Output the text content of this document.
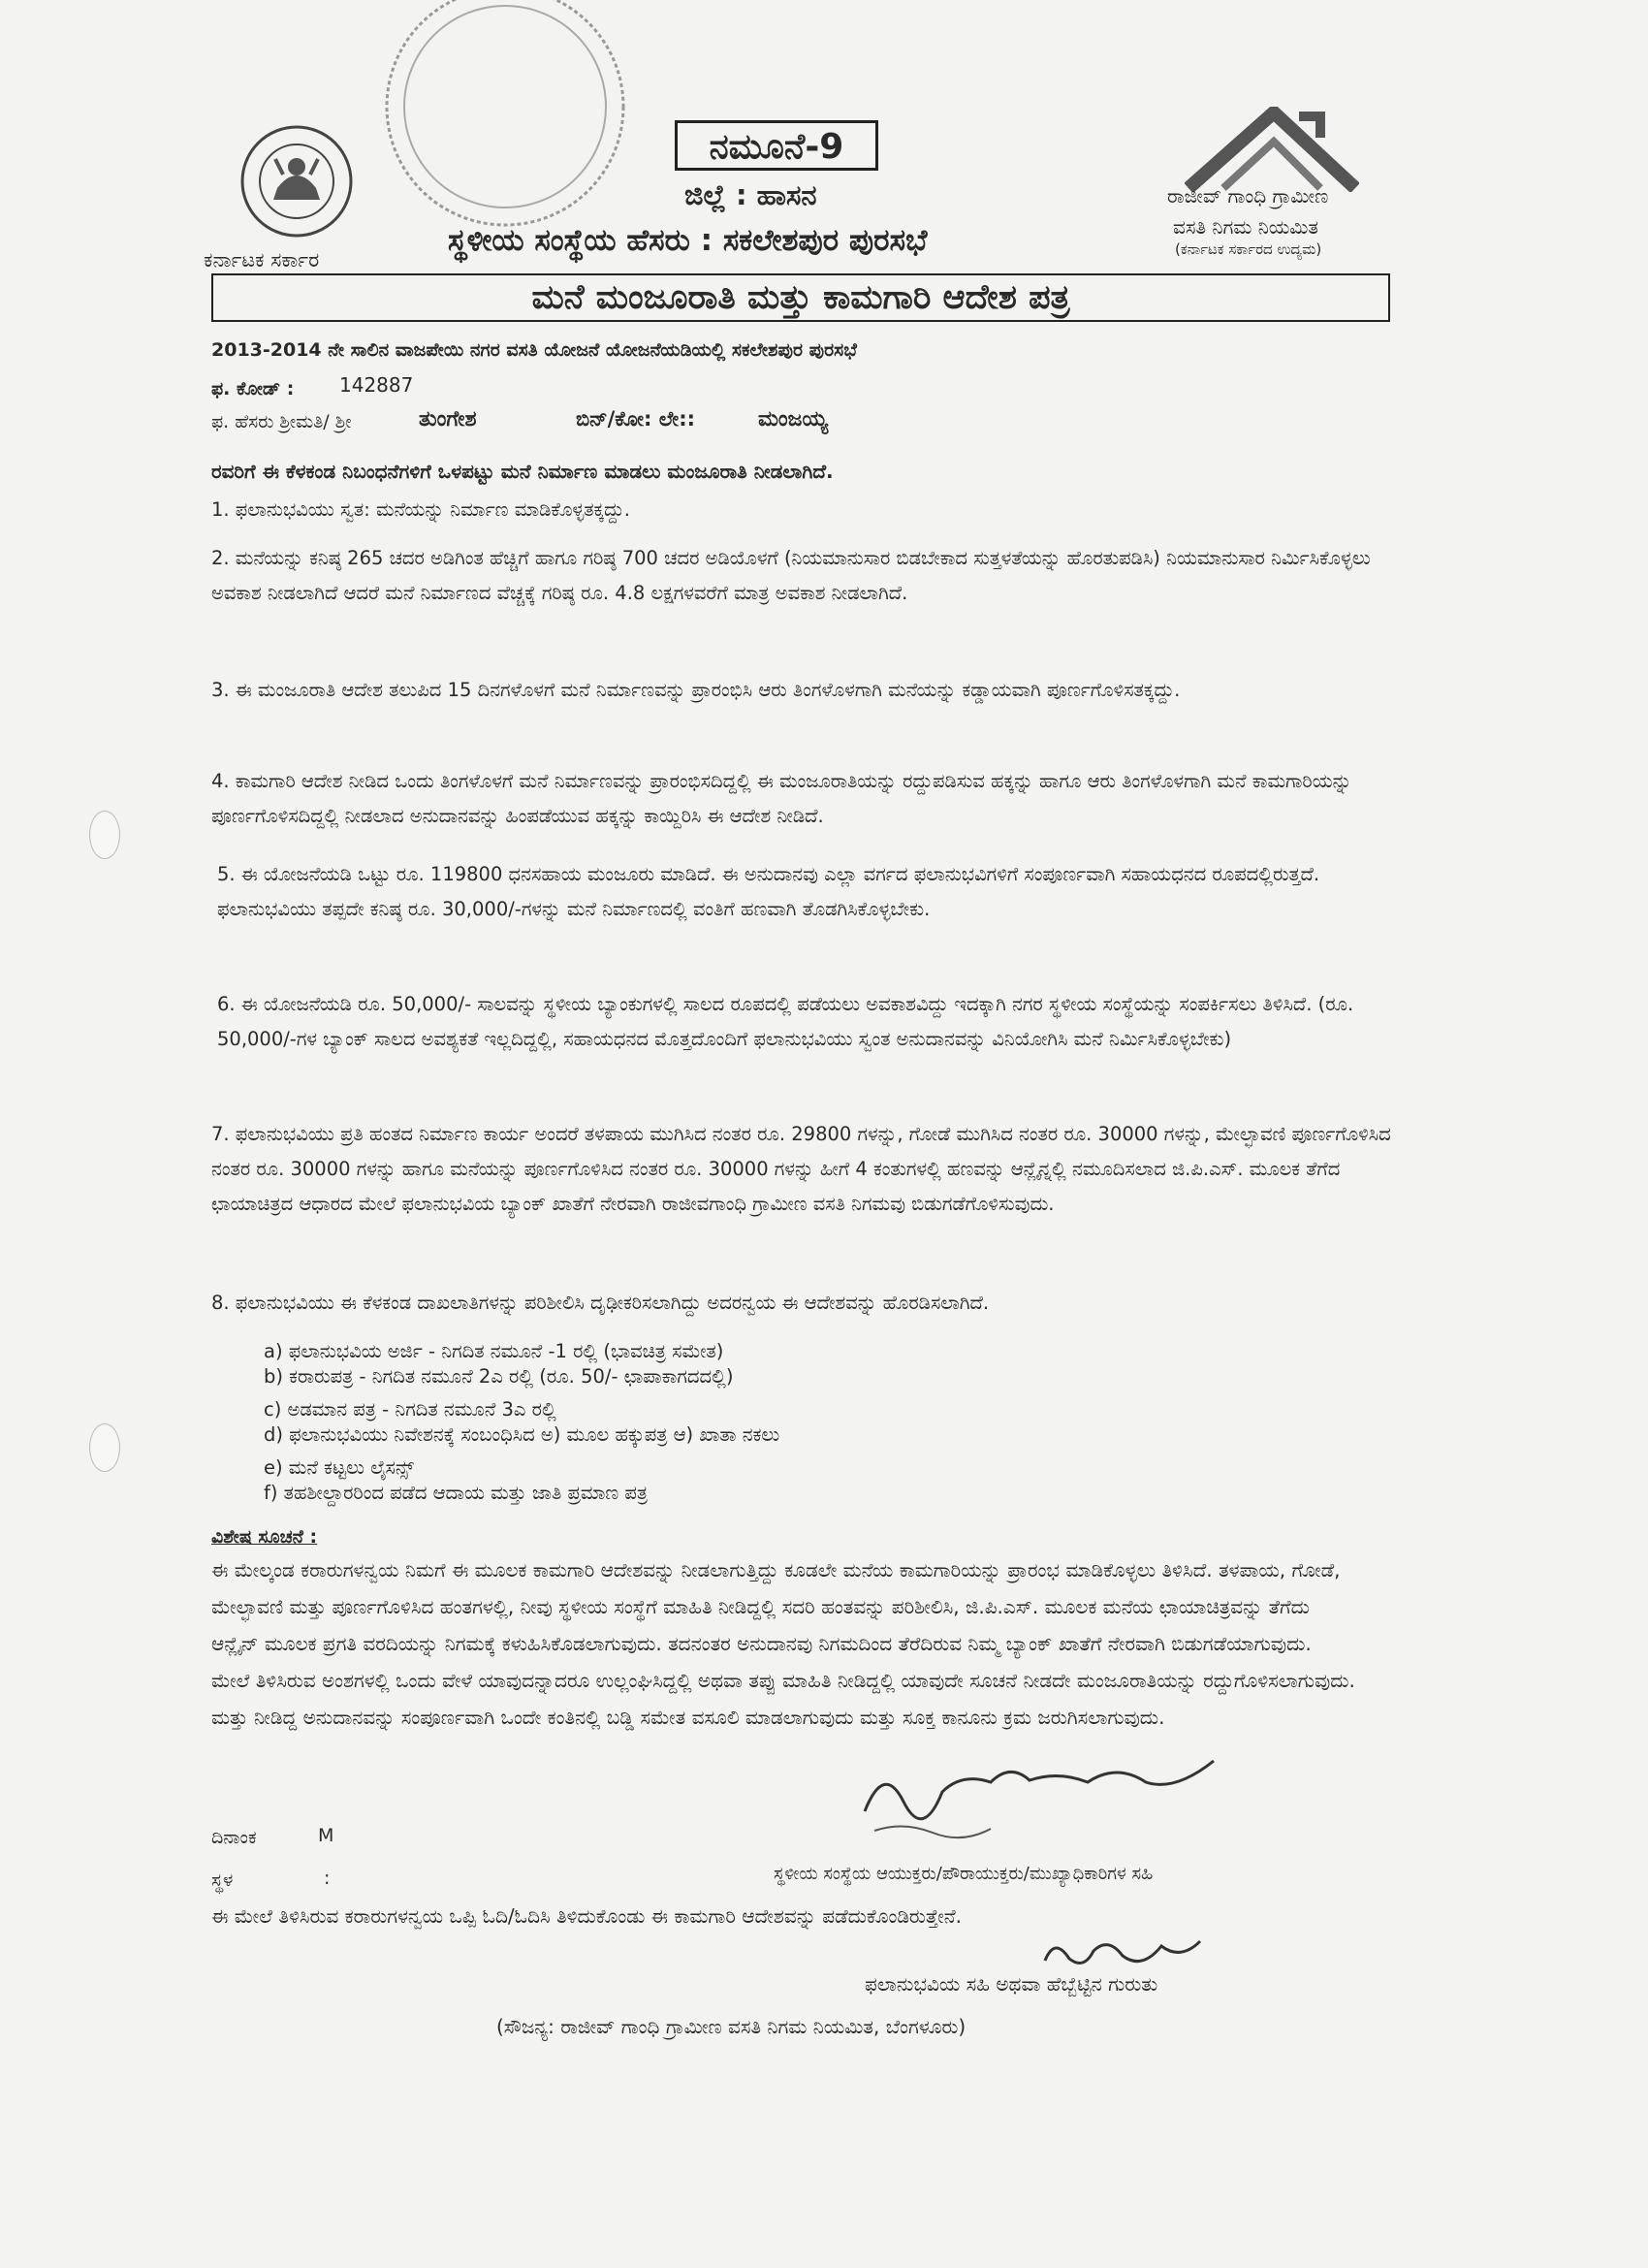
ಕರ್ನಾಟಕ ಸರ್ಕಾರ
ನಮೂನೆ-9
ಜಿಲ್ಲೆ : ಹಾಸನ
ಸ್ಥಳೀಯ ಸಂಸ್ಥೆಯ ಹೆಸರು : ಸಕಲೇಶಪುರ ಪುರಸಭೆ
ರಾಜೀವ್ ಗಾಂಧಿ ಗ್ರಾಮೀಣ
ವಸತಿ ನಿಗಮ ನಿಯಮಿತ
(ಕರ್ನಾಟಕ ಸರ್ಕಾರದ ಉದ್ಯಮ)
ಮನೆ ಮಂಜೂರಾತಿ ಮತ್ತು ಕಾಮಗಾರಿ ಆದೇಶ ಪತ್ರ
2013-2014 ನೇ ಸಾಲಿನ ವಾಜಪೇಯಿ ನಗರ ವಸತಿ ಯೋಜನೆ ಯೋಜನೆಯಡಿಯಲ್ಲಿ ಸಕಲೇಶಪುರ ಪುರಸಭೆ
ಫ. ಕೋಡ್ : 142887
ಫ. ಹೆಸರು ಶ್ರೀಮತಿ/ ಶ್ರೀ	ತುಂಗೇಶ	ಬಿನ್/ಕೋ: ಲೇ::	ಮಂಜಯ್ಯ
ರವರಿಗೆ ಈ ಕೆಳಕಂಡ ನಿಬಂಧನೆಗಳಿಗೆ ಒಳಪಟ್ಟು ಮನೆ ನಿರ್ಮಾಣ ಮಾಡಲು ಮಂಜೂರಾತಿ ನೀಡಲಾಗಿದೆ.
1. ಫಲಾನುಭವಿಯು ಸ್ವತ: ಮನೆಯನ್ನು ನಿರ್ಮಾಣ ಮಾಡಿಕೊಳ್ಳತಕ್ಕದ್ದು.
2. ಮನೆಯನ್ನು ಕನಿಷ್ಠ 265 ಚದರ ಅಡಿಗಿಂತ ಹೆಚ್ಚಿಗೆ ಹಾಗೂ ಗರಿಷ್ಠ 700 ಚದರ ಅಡಿಯೊಳಗೆ (ನಿಯಮಾನುಸಾರ ಬಿಡಬೇಕಾದ ಸುತ್ತಳತೆಯನ್ನು ಹೊರತುಪಡಿಸಿ) ನಿಯಮಾನುಸಾರ ನಿರ್ಮಿಸಿಕೊಳ್ಳಲು ಅವಕಾಶ ನೀಡಲಾಗಿದೆ ಆದರೆ ಮನೆ ನಿರ್ಮಾಣದ ವೆಚ್ಚಕ್ಕೆ ಗರಿಷ್ಠ ರೂ. 4.8 ಲಕ್ಷಗಳವರೆಗೆ ಮಾತ್ರ ಅವಕಾಶ ನೀಡಲಾಗಿದೆ.
3. ಈ ಮಂಜೂರಾತಿ ಆದೇಶ ತಲುಪಿದ 15 ದಿನಗಳೊಳಗೆ ಮನೆ ನಿರ್ಮಾಣವನ್ನು ಪ್ರಾರಂಭಿಸಿ ಆರು ತಿಂಗಳೊಳಗಾಗಿ ಮನೆಯನ್ನು ಕಡ್ಡಾಯವಾಗಿ ಪೂರ್ಣಗೊಳಿಸತಕ್ಕದ್ದು.
4. ಕಾಮಗಾರಿ ಆದೇಶ ನೀಡಿದ ಒಂದು ತಿಂಗಳೊಳಗೆ ಮನೆ ನಿರ್ಮಾಣವನ್ನು ಪ್ರಾರಂಭಿಸದಿದ್ದಲ್ಲಿ ಈ ಮಂಜೂರಾತಿಯನ್ನು ರದ್ದುಪಡಿಸುವ ಹಕ್ಕನ್ನು ಹಾಗೂ ಆರು ತಿಂಗಳೊಳಗಾಗಿ ಮನೆ ಕಾಮಗಾರಿಯನ್ನು ಪೂರ್ಣಗೊಳಿಸದಿದ್ದಲ್ಲಿ ನೀಡಲಾದ ಅನುದಾನವನ್ನು ಹಿಂಪಡೆಯುವ ಹಕ್ಕನ್ನು ಕಾಯ್ದಿರಿಸಿ ಈ ಆದೇಶ ನೀಡಿದೆ.
5. ಈ ಯೋಜನೆಯಡಿ ಒಟ್ಟು ರೂ. 119800 ಧನಸಹಾಯ ಮಂಜೂರು ಮಾಡಿದೆ. ಈ ಅನುದಾನವು ಎಲ್ಲಾ ವರ್ಗದ ಫಲಾನುಭವಿಗಳಿಗೆ ಸಂಪೂರ್ಣವಾಗಿ ಸಹಾಯಧನದ ರೂಪದಲ್ಲಿರುತ್ತದೆ. ಫಲಾನುಭವಿಯು ತಪ್ಪದೇ ಕನಿಷ್ಠ ರೂ. 30,000/-ಗಳನ್ನು ಮನೆ ನಿರ್ಮಾಣದಲ್ಲಿ ವಂತಿಗೆ ಹಣವಾಗಿ ತೊಡಗಿಸಿಕೊಳ್ಳಬೇಕು.
6. ಈ ಯೋಜನೆಯಡಿ ರೂ. 50,000/- ಸಾಲವನ್ನು ಸ್ಥಳೀಯ ಬ್ಯಾಂಕುಗಳಲ್ಲಿ ಸಾಲದ ರೂಪದಲ್ಲಿ ಪಡೆಯಲು ಅವಕಾಶವಿದ್ದು ಇದಕ್ಕಾಗಿ ನಗರ ಸ್ಥಳೀಯ ಸಂಸ್ಥೆಯನ್ನು ಸಂಪರ್ಕಿಸಲು ತಿಳಿಸಿದೆ. (ರೂ. 50,000/-ಗಳ ಬ್ಯಾಂಕ್ ಸಾಲದ ಅವಶ್ಯಕತೆ ಇಲ್ಲದಿದ್ದಲ್ಲಿ, ಸಹಾಯಧನದ ಮೊತ್ತದೊಂದಿಗೆ ಫಲಾನುಭವಿಯು ಸ್ವಂತ ಅನುದಾನವನ್ನು ವಿನಿಯೋಗಿಸಿ ಮನೆ ನಿರ್ಮಿಸಿಕೊಳ್ಳಬೇಕು)
7. ಫಲಾನುಭವಿಯು ಪ್ರತಿ ಹಂತದ ನಿರ್ಮಾಣ ಕಾರ್ಯ ಅಂದರೆ ತಳಪಾಯ ಮುಗಿಸಿದ ನಂತರ ರೂ. 29800 ಗಳನ್ನು, ಗೋಡೆ ಮುಗಿಸಿದ ನಂತರ ರೂ. 30000 ಗಳನ್ನು, ಮೇಲ್ಛಾವಣಿ ಪೂರ್ಣಗೊಳಿಸಿದ ನಂತರ ರೂ. 30000 ಗಳನ್ನು ಹಾಗೂ ಮನೆಯನ್ನು ಪೂರ್ಣಗೊಳಿಸಿದ ನಂತರ ರೂ. 30000 ಗಳನ್ನು ಹೀಗೆ 4 ಕಂತುಗಳಲ್ಲಿ ಹಣವನ್ನು ಆನ್ಲೈನ್ನಲ್ಲಿ ನಮೂದಿಸಲಾದ ಜಿ.ಪಿ.ಎಸ್. ಮೂಲಕ ತೆಗೆದ ಛಾಯಾಚಿತ್ರದ ಆಧಾರದ ಮೇಲೆ ಫಲಾನುಭವಿಯ ಬ್ಯಾಂಕ್ ಖಾತೆಗೆ ನೇರವಾಗಿ ರಾಜೀವಗಾಂಧಿ ಗ್ರಾಮೀಣ ವಸತಿ ನಿಗಮವು ಬಿಡುಗಡೆಗೊಳಿಸುವುದು.
8. ಫಲಾನುಭವಿಯು ಈ ಕೆಳಕಂಡ ದಾಖಲಾತಿಗಳನ್ನು ಪರಿಶೀಲಿಸಿ ದೃಢೀಕರಿಸಲಾಗಿದ್ದು ಅದರನ್ವಯ ಈ ಆದೇಶವನ್ನು ಹೊರಡಿಸಲಾಗಿದೆ.
a) ಫಲಾನುಭವಿಯ ಅರ್ಜಿ - ನಿಗದಿತ ನಮೂನೆ -1 ರಲ್ಲಿ (ಭಾವಚಿತ್ರ ಸಮೇತ)
b) ಕರಾರುಪತ್ರ - ನಿಗದಿತ ನಮೂನೆ 2ಎ ರಲ್ಲಿ (ರೂ. 50/- ಛಾಪಾಕಾಗದದಲ್ಲಿ)
c) ಅಡಮಾನ ಪತ್ರ - ನಿಗದಿತ ನಮೂನೆ 3ಎ ರಲ್ಲಿ
d) ಫಲಾನುಭವಿಯು ನಿವೇಶನಕ್ಕೆ ಸಂಬಂಧಿಸಿದ ಅ) ಮೂಲ ಹಕ್ಕುಪತ್ರ ಆ) ಖಾತಾ ನಕಲು
e) ಮನೆ ಕಟ್ಟಲು ಲೈಸನ್ಸ್
f) ತಹಶೀಲ್ದಾರರಿಂದ ಪಡೆದ ಆದಾಯ ಮತ್ತು ಜಾತಿ ಪ್ರಮಾಣ ಪತ್ರ
ವಿಶೇಷ ಸೂಚನೆ :
ಈ ಮೇಲ್ಕಂಡ ಕರಾರುಗಳನ್ವಯ ನಿಮಗೆ ಈ ಮೂಲಕ ಕಾಮಗಾರಿ ಆದೇಶವನ್ನು ನೀಡಲಾಗುತ್ತಿದ್ದು ಕೂಡಲೇ ಮನೆಯ ಕಾಮಗಾರಿಯನ್ನು ಪ್ರಾರಂಭ ಮಾಡಿಕೊಳ್ಳಲು ತಿಳಿಸಿದೆ. ತಳಪಾಯ, ಗೋಡೆ, ಮೇಲ್ಛಾವಣಿ ಮತ್ತು ಪೂರ್ಣಗೊಳಿಸಿದ ಹಂತಗಳಲ್ಲಿ, ನೀವು ಸ್ಥಳೀಯ ಸಂಸ್ಥೆಗೆ ಮಾಹಿತಿ ನೀಡಿದ್ದಲ್ಲಿ ಸದರಿ ಹಂತವನ್ನು ಪರಿಶೀಲಿಸಿ, ಜಿ.ಪಿ.ಎಸ್. ಮೂಲಕ ಮನೆಯ ಛಾಯಾಚಿತ್ರವನ್ನು ತೆಗೆದು ಆನ್ಲೈನ್ ಮೂಲಕ ಪ್ರಗತಿ ವರದಿಯನ್ನು ನಿಗಮಕ್ಕೆ ಕಳುಹಿಸಿಕೊಡಲಾಗುವುದು. ತದನಂತರ ಅನುದಾನವು ನಿಗಮದಿಂದ ತೆರೆದಿರುವ ನಿಮ್ಮ ಬ್ಯಾಂಕ್ ಖಾತೆಗೆ ನೇರವಾಗಿ ಬಿಡುಗಡೆಯಾಗುವುದು. ಮೇಲೆ ತಿಳಿಸಿರುವ ಅಂಶಗಳಲ್ಲಿ ಒಂದು ವೇಳೆ ಯಾವುದನ್ನಾದರೂ ಉಲ್ಲಂಘಿಸಿದ್ದಲ್ಲಿ ಅಥವಾ ತಪ್ಪು ಮಾಹಿತಿ ನೀಡಿದ್ದಲ್ಲಿ ಯಾವುದೇ ಸೂಚನೆ ನೀಡದೇ ಮಂಜೂರಾತಿಯನ್ನು ರದ್ದುಗೊಳಿಸಲಾಗುವುದು. ಮತ್ತು ನೀಡಿದ್ದ ಅನುದಾನವನ್ನು ಸಂಪೂರ್ಣವಾಗಿ ಒಂದೇ ಕಂತಿನಲ್ಲಿ ಬಡ್ಡಿ ಸಮೇತ ವಸೂಲಿ ಮಾಡಲಾಗುವುದು ಮತ್ತು ಸೂಕ್ತ ಕಾನೂನು ಕ್ರಮ ಜರುಗಿಸಲಾಗುವುದು.
ದಿನಾಂಕ	M
ಸ್ಥಳ	:	ಸ್ಥಳೀಯ ಸಂಸ್ಥೆಯ ಆಯುಕ್ತರು/ಪೌರಾಯುಕ್ತರು/ಮುಖ್ಯಾಧಿಕಾರಿಗಳ ಸಹಿ
ಈ ಮೇಲೆ ತಿಳಿಸಿರುವ ಕರಾರುಗಳನ್ವಯ ಒಪ್ಪಿ ಓದಿ/ಓದಿಸಿ ತಿಳಿದುಕೊಂಡು ಈ ಕಾಮಗಾರಿ ಆದೇಶವನ್ನು ಪಡೆದುಕೊಂಡಿರುತ್ತೇನೆ.
ಫಲಾನುಭವಿಯ ಸಹಿ ಅಥವಾ ಹೆಬ್ಬೆಟ್ಟಿನ ಗುರುತು
(ಸೌಜನ್ಯ: ರಾಜೀವ್ ಗಾಂಧಿ ಗ್ರಾಮೀಣ ವಸತಿ ನಿಗಮ ನಿಯಮಿತ, ಬೆಂಗಳೂರು)
